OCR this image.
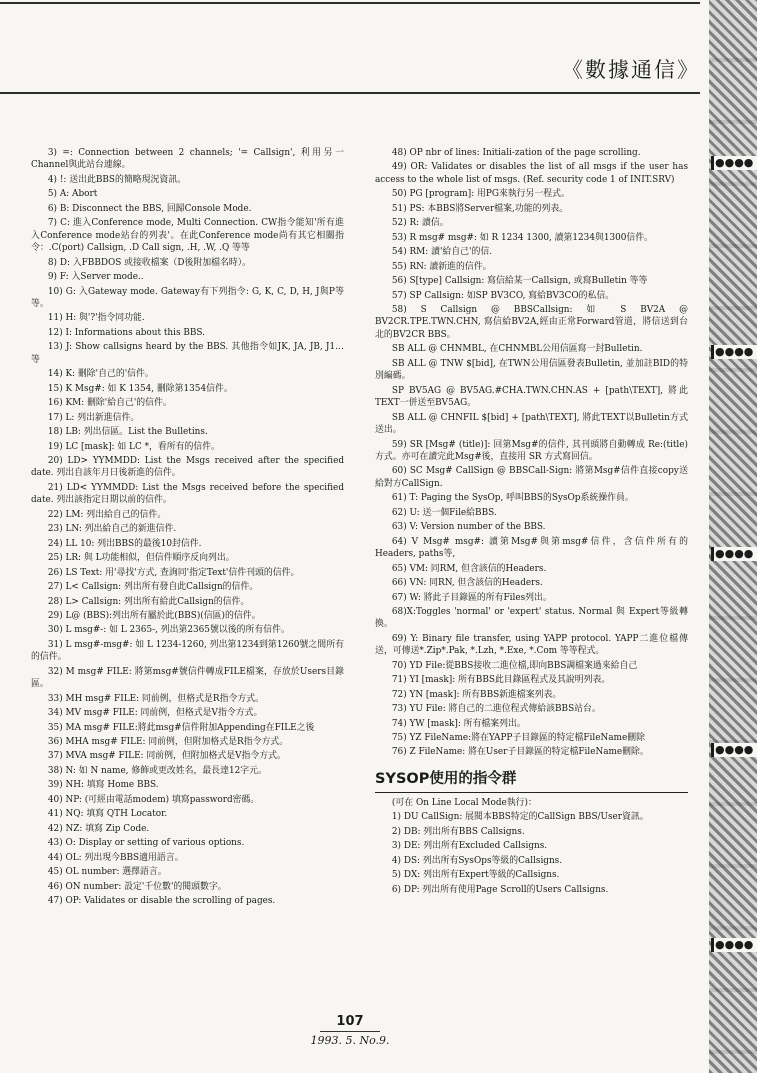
《數據通信》

3) =: Connection between 2 channels; '= Callsign', 利用另一Channel與此站台連線。

4) !: 送出此BBS的簡略現況資訊。

5) A: Abort

6) B: Disconnect the BBS, 回歸Console Mode.

7) C: 進入Conference mode, Multi Connection. CW指令能知'所有進入Conference mode站台的列表'。在此Conference mode尚有其它相關指令：.C(port) Callsign, .D Call sign, .H, .W, .Q 等等

8) D: 入FBBDOS 或接收檔案（D後附加檔名時）。

9) F: 入Server mode..

10) G: 入Gateway mode. Gateway有下列指令: G, K, C, D, H, J與P等等。

11) H: 與'?'指令同功能.

12) I: Informations about this BBS.

13) J: Show callsigns heard by the BBS. 其他指令如JK, JA, JB, J1…等

14) K: 刪除'自己的'信件。

15) K Msg#: 如 K 1354, 刪除第1354信件。

16) KM: 刪除'給自己'的信件。

17) L: 列出新進信件。

18) LB: 列出信區。List the Bulletins.

19) LC [mask]: 如 LC *，看所有的信件。

20) LD> YYMMDD: List the Msgs received after the specified date. 列出自該年月日後新進的信件。

21) LD< YYMMDD: List the Msgs received before the specified date. 列出該指定日期以前的信件。

22) LM: 列出給自己的信件。

23) LN: 列出給自己的新進信件.

24) LL 10: 列出BBS的最後10封信件.

25) LR: 與 L功能相似，但信件順序反向列出。

26) LS Text: 用'尋找'方式, 查詢同'指定Text'信件刊頭的信件。

27) L< Callsign: 列出所有發自此Callsign的信件。

28) L> Callsign: 列出所有給此Callsign的信件。

29) L@ (BBS):列出所有屬於此(BBS)(信區)的信件。

30) L msg#-: 如 L 2365-, 列出第2365號以後的所有信件。

31) L msg#-msg#: 如 L 1234-1260, 列出第1234到第1260號之間所有的信件。

32) M msg# FILE: 將第msg#號信件轉成FILE檔案，存放於Users目錄區。

33) MH msg# FILE: 同前例，但格式是R指令方式。

34) MV msg# FILE: 同前例，但格式是V指令方式。

35) MA msg# FILE:將此msg#信件附加Appending在FILE之後

36) MHA msg# FILE: 同前例，但附加格式是R指令方式。

37) MVA msg# FILE: 同前例，但附加格式是V指令方式。

38) N: 如 N name, 修飾或更改姓名，最長達12字元。

39) NH: 填寫 Home BBS.

40) NP: (可經由電話modem) 填寫password密碼。

41) NQ: 填寫 QTH Locator.

42) NZ: 填寫 Zip Code.

43) O: Display or setting of various options.

44) OL: 列出現今BBS適用語言。

45) OL number: 選擇語言。

46) ON number: 設定'千位數'的閱頭數字。

47) OP: Validates or disable the scrolling of pages.

48) OP nbr of lines: Initiali-zation of the page scrolling.

49) OR: Validates or disables the list of all msgs if the user has access to the whole list of msgs. (Ref. security code 1 of INIT.SRV)

50) PG [program]: 用PG來執行另一程式。

51) PS: 本BBS將Server檔案,功能的列表。

52) R: 讀信。

53) R msg# msg#: 如 R 1234 1300, 讀第1234與1300信件。

54) RM: 讀'給自己'的信.

55) RN: 讀新進的信件。

56) S[type] Callsign: 寫信給某一Callsign, 或寫Bulletin 等等

57) SP Callsign: 如SP BV3CO, 寫給BV3CO的私信。

58) S Callsign @ BBSCallsign: 如 S BV2A @ BV2CR.TPE.TWN.CHN, 寫信給BV2A,經由正常Forward管道，將信送到台北的BV2CR BBS。

SB ALL @ CHNMBL, 在CHNMBL公用信區寫一封Bulletin.

SB ALL @ TNW $[bid], 在TWN公用信區發表Bulletin, 並加註BID的特別編碼。

SP BV5AG @ BV5AG.#CHA.TWN.CHN.AS + [path\TEXT], 將此TEXT一併送至BV5AG。

SB ALL @ CHNFIL $[bid] + [path\TEXT], 將此TEXT以Bulletin方式送出。

59) SR [Msg# (title)]: 回第Msg#的信件, 其刊頭將自動轉成 Re:(title) 方式。亦可在讀完此Msg#後，直接用 SR 方式寫回信。

60) SC Msg# CallSign @ BBSCall-Sign: 將第Msg#信件直接copy送給對方CallSign.

61) T: Paging the SysOp, 呼叫BBS的SysOp系統操作員。

62) U: 送一個File給BBS.

63) V: Version number of the BBS.

64) V Msg# msg#: 讀第Msg#與第msg#信件，含信件所有的Headers, paths等,

65) VM: 同RM, 但含該信的Headers.

66) VN: 同RN, 但含該信的Headers.

67) W: 將此子目錄區的所有Files列出。

68)X:Toggles 'normal' or 'expert' status. Normal 與 Expert等級轉換。

69) Y: Binary file transfer, using YAPP protocol. YAPP二進位檔傳送，可傳送*.Zip*.Pak, *.Lzh, *.Exe, *.Com 等等程式。

70) YD File:從BBS接收二進位檔,即向BBS調檔案過來給自己

71) YI [mask]: 所有BBS此目錄區程式及其說明列表。

72) YN [mask]: 所有BBS新進檔案列表。

73) YU File: 將自己的二進位程式傳給該BBS站台。

74) YW [mask]: 所有檔案列出。

75) YZ FileName:將在YAPP子目錄區的特定檔FileName刪除

76) Z FileName: 將在User子目錄區的特定檔FileName刪除。

SYSOP使用的指令群

(可在 On Line Local Mode執行)：

1) DU CallSign: 展閱本BBS特定的CallSign BBS/User資訊。

2) DB: 列出所有BBS Callsigns.

3) DE: 列出所有Excluded Callsigns.

4) DS: 列出所有SysOps等級的Callsigns.

5) DX: 列出所有Expert等級的Callsigns.

6) DP: 列出所有使用Page Scroll的Users Callsigns.

107
1993. 5. No.9.
●●●●
●●●●
●●●●
●●●●
●●●●
